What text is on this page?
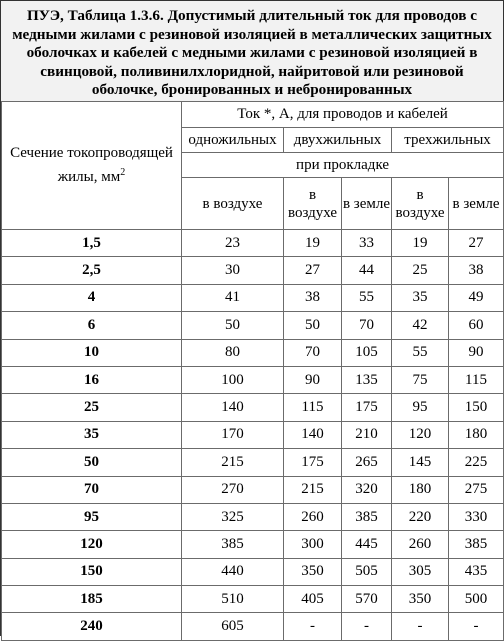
ПУЭ, Таблица 1.3.6. Допустимый длительный ток для проводов с медными жилами с резиновой изоляцией в металлических защитных оболочках и кабелей с медными жилами с резиновой изоляцией в свинцовой, поливинилхлоридной, найритовой или резиновой оболочке, бронированных и небронированных
Сечение токопроводящей жилы, $мм^2$	Ток *, А, для проводов и кабелей				
	одножильных	двухжильных		трехжильных	
	при прокладке				
	в воздухе	в воздухе	в земле	в воздухе	в земле
1,5	23	19	33	19	27
2,5	30	27	44	25	38
4	41	38	55	35	49
6	50	50	70	42	60
10	80	70	105	55	90
16	100	90	135	75	115
25	140	115	175	95	150
35	170	140	210	120	180
50	215	175	265	145	225
70	270	215	320	180	275
95	325	260	385	220	330
120	385	300	445	260	385
150	440	350	505	305	435
185	510	405	570	350	500
240	605	-	-	-	-
